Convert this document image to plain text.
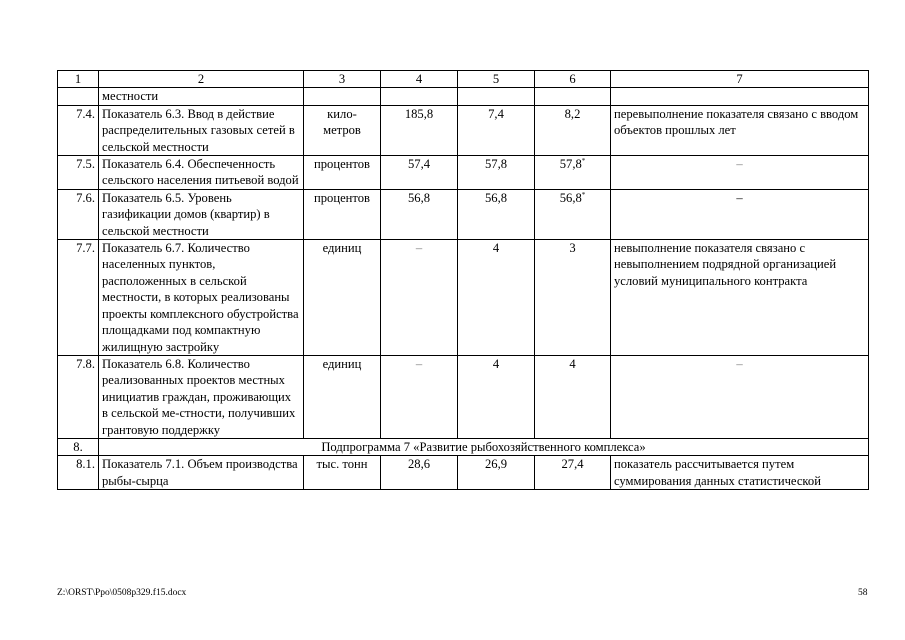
1	2	3	4	5	6	7
	местности					
7.4.	Показатель 6.3. Ввод в действие распределительных газовых сетей в сельской местности	кило-метров	185,8	7,4	8,2	перевыполнение показателя связано с вводом объектов прошлых лет
7.5.	Показатель 6.4. Обеспеченность сельского населения питьевой водой	процентов	57,4	57,8	57,8*	–
7.6.	Показатель 6.5. Уровень газификации домов (квартир) в сельской местности	процентов	56,8	56,8	56,8*	–
7.7.	Показатель 6.7. Количество населенных пунктов, расположенных в сельской местности, в которых реализованы проекты комплексного обустройства площадками под компактную жилищную застройку	единиц	–	4	3	невыполнение показателя связано с невыполнением подрядной организацией условий муниципального контракта
7.8.	Показатель 6.8. Количество реализованных проектов местных инициатив граждан, проживающих в сельской ме-стности, получивших грантовую поддержку	единиц	–	4	4	–
8.	Подпрограмма 7 «Развитие рыбохозяйственного комплекса»					
8.1.	Показатель 7.1. Объем производства рыбы-сырца	тыс. тонн	28,6	26,9	27,4	показатель рассчитывается путем суммирования данных статистической
Z:\ORST\Ppo\0508p329.f15.docx	58
